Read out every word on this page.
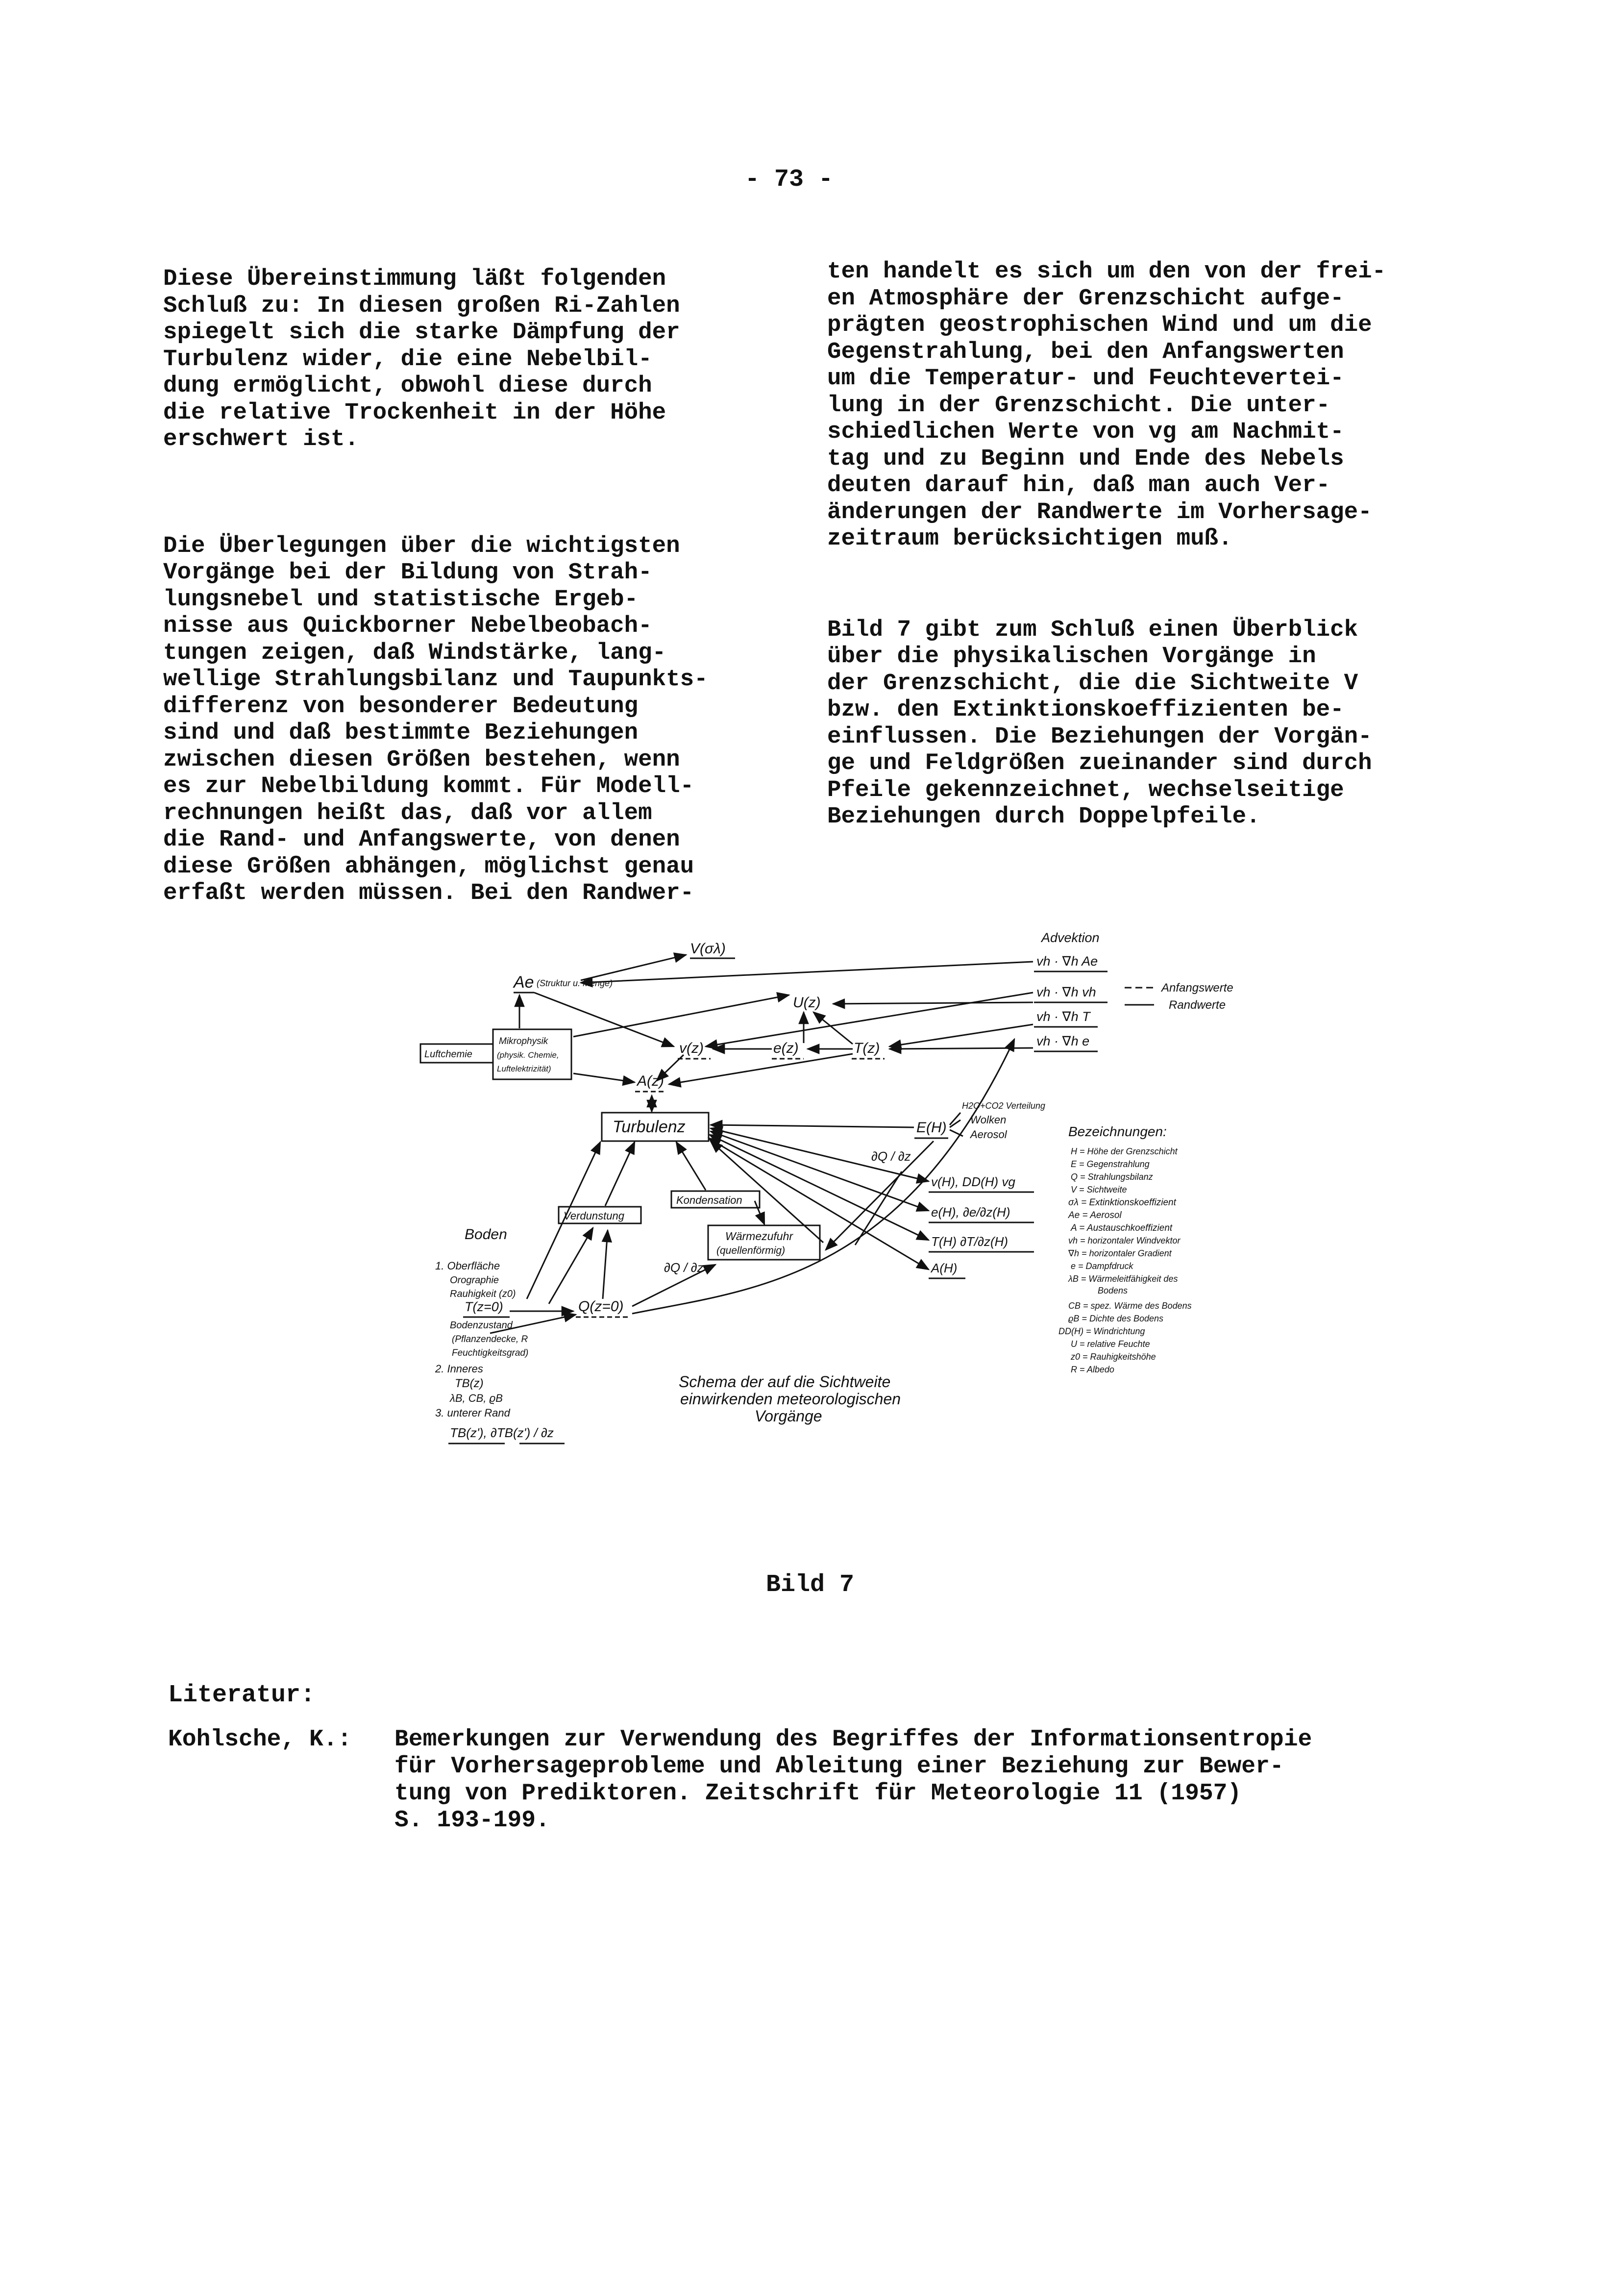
- 73 -

Diese Übereinstimmung läßt folgenden
Schluß zu: In diesen großen Ri-Zahlen
spiegelt sich die starke Dämpfung der
Turbulenz wider, die eine Nebelbil-
dung ermöglicht, obwohl diese durch
die relative Trockenheit in der Höhe
erschwert ist.

Die Überlegungen über die wichtigsten
Vorgänge bei der Bildung von Strah-
lungsnebel und statistische Ergeb-
nisse aus Quickborner Nebelbeobach-
tungen zeigen, daß Windstärke, lang-
wellige Strahlungsbilanz und Taupunkts-
differenz von besonderer Bedeutung
sind und daß bestimmte Beziehungen
zwischen diesen Größen bestehen, wenn
es zur Nebelbildung kommt. Für Modell-
rechnungen heißt das, daß vor allem
die Rand- und Anfangswerte, von denen
diese Größen abhängen, möglichst genau
erfaßt werden müssen. Bei den Randwer-

ten handelt es sich um den von der frei-
en Atmosphäre der Grenzschicht aufge-
prägten geostrophischen Wind und um die
Gegenstrahlung, bei den Anfangswerten
um die Temperatur- und Feuchtevertei-
lung in der Grenzschicht. Die unter-
schiedlichen Werte von vg am Nachmit-
tag und zu Beginn und Ende des Nebels
deuten darauf hin, daß man auch Ver-
änderungen der Randwerte im Vorhersage-
zeitraum berücksichtigen muß.

Bild 7 gibt zum Schluß einen Überblick
über die physikalischen Vorgänge in
der Grenzschicht, die die Sichtweite V
bzw. den Extinktionskoeffizienten be-
einflussen. Die Beziehungen der Vorgän-
ge und Feldgrößen zueinander sind durch
Pfeile gekennzeichnet, wechselseitige
Beziehungen durch Doppelpfeile.

Advektion
vh · ∇h Ae
vh · ∇h vh
vh · ∇h T
vh · ∇h e
Anfangswerte
Randwerte
V(σλ)
Ae (Struktur u. Menge)
U(z)
Luftchemie
Mikrophysik
(physik. Chemie,
Luftelektrizität)
v(z)	e(z)	T(z)
A(z)
Turbulenz	E(H)
H2O+CO2 Verteilung
Wolken
Aerosol
∂Q / ∂z
v(H), DD(H) vg
e(H), ∂e/∂z(H)
T(H) ∂T/∂z(H)
A(H)
Boden
Verdunstung
Kondensation
Wärmezufuhr
(quellenförmig)
∂Q / ∂z
1. Oberfläche
Orographie
Rauhigkeit (z0)
T(z=0)
Bodenzustand
(Pflanzendecke, R
Feuchtigkeitsgrad)
2. Inneres
TB(z)
λB, CB, ϱB
3. unterer Rand
TB(z'), ∂TB(z') / ∂z
Q(z=0)
Schema der auf die Sichtweite
einwirkenden meteorologischen
Vorgänge
Bezeichnungen:
H = Höhe der Grenzschicht
E = Gegenstrahlung
Q = Strahlungsbilanz
V = Sichtweite
σλ = Extinktionskoeffizient
Ae = Aerosol
A = Austauschkoeffizient
vh = horizontaler Windvektor
∇h = horizontaler Gradient
e = Dampfdruck
λB = Wärmeleitfähigkeit des
Bodens
CB = spez. Wärme des Bodens
ϱB = Dichte des Bodens
DD(H) = Windrichtung
U = relative Feuchte
z0 = Rauhigkeitshöhe
R = Albedo
Bild 7
Literatur:
Kohlsche, K.: Bemerkungen zur Verwendung des Begriffes der Informationsentropie
für Vorhersageprobleme und Ableitung einer Beziehung zur Bewer-
tung von Prediktoren. Zeitschrift für Meteorologie 11 (1957)
S. 193-199.
